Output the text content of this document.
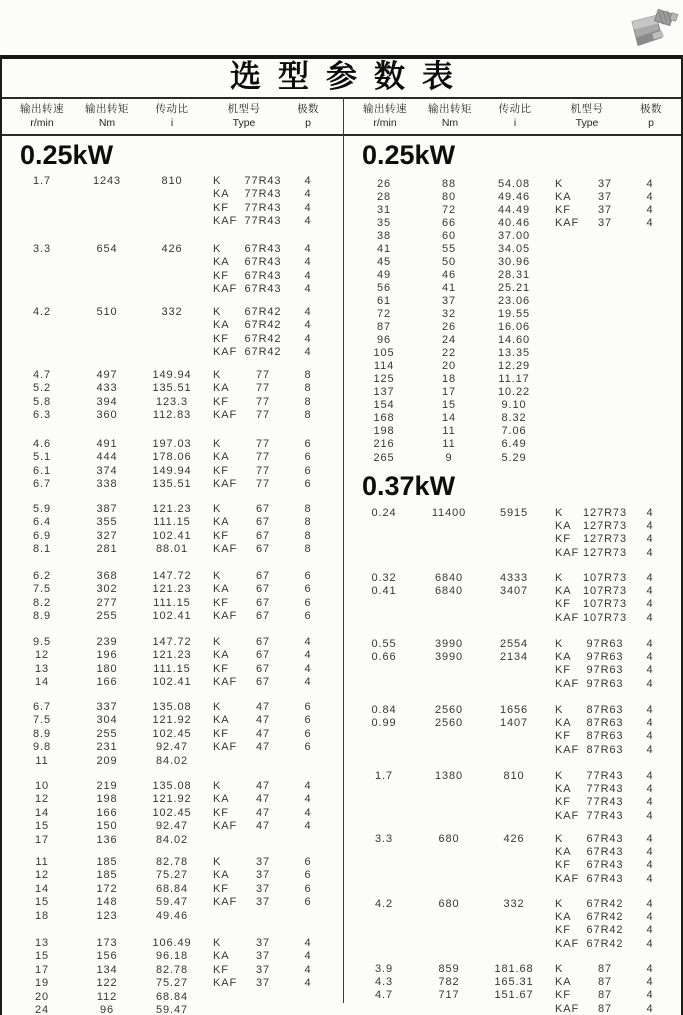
选型参数表
输出转速
r/min
输出转矩
Nm
传动比
i
机型号
Type
极数
p
输出转速
r/min
输出转矩
Nm
传动比
i
机型号
Type
极数
p
0.25kW
1.7	1243	810	K	77R43	4
KA	77R43	4
KF	77R43	4
KAF 77R43	4
3.3	654	426	K	67R43	4
KA	67R43	4
KF	67R43	4
KAF 67R43	4
4.2	510	332	K	67R42	4
KA	67R42	4
KF	67R42	4
KAF 67R42	4
4.7	497	149.94	K	77	8
5.2	433	135.51	KA	77	8
5.8	394	123.3	KF	77	8
6.3	360	112.83	KAF	77	8
4.6	491	197.03	K	77	6
5.1	444	178.06	KA	77	6
6.1	374	149.94	KF	77	6
6.7	338	135.51	KAF	77	6
5.9	387	121.23	K	67	8
6.4	355	111.15	KA	67	8
6.9	327	102.41	KF	67	8
8.1	281	88.01	KAF	67	8
6.2	368	147.72	K	67	6
7.5	302	121.23	KA	67	6
8.2	277	111.15	KF	67	6
8.9	255	102.41	KAF	67	6
9.5	239	147.72	K	67	4
12	196	121.23	KA	67	4
13	180	111.15	KF	67	4
14	166	102.41	KAF	67	4
6.7	337	135.08	K	47	6
7.5	304	121.92	KA	47	6
8.9	255	102.45	KF	47	6
9.8	231	92.47	KAF	47	6
11	209	84.02
10	219	135.08	K	47	4
12	198	121.92	KA	47	4
14	166	102.45	KF	47	4
15	150	92.47	KAF	47	4
17	136	84.02
11	185	82.78	K	37	6
12	185	75.27	KA	37	6
14	172	68.84	KF	37	6
15	148	59.47	KAF	37	6
18	123	49.46
13	173	106.49	K	37	4
15	156	96.18	KA	37	4
17	134	82.78	KF	37	4
19	122	75.27	KAF	37	4
20	112	68.84
24	96	59.47
0.25kW
26	88	54.08	K	37	4
28	80	49.46	KA	37	4
31	72	44.49	KF	37	4
35	66	40.46	KAF	37	4
38	60	37.00
41	55	34.05
45	50	30.96
49	46	28.31
56	41	25.21
61	37	23.06
72	32	19.55
87	26	16.06
96	24	14.60
105	22	13.35
114	20	12.29
125	18	11.17
137	17	10.22
154	15	9.10
168	14	8.32
198	11	7.06
216	11	6.49
265	9	5.29
0.37kW
0.24	11400	5915	K	127R73	4
KA	127R73	4
KF	127R73	4
KAF 127R73	4
0.32	6840	4333	K	107R73	4
0.41	6840	3407	KA	107R73	4
KF	107R73	4
KAF 107R73	4
0.55	3990	2554	K	97R63	4
0.66	3990	2134	KA	97R63	4
KF	97R63	4
KAF 97R63	4
0.84	2560	1656	K	87R63	4
0.99	2560	1407	KA	87R63	4
KF	87R63	4
KAF 87R63	4
1.7	1380	810	K	77R43	4
KA	77R43	4
KF	77R43	4
KAF 77R43	4
3.3	680	426	K	67R43	4
KA	67R43	4
KF	67R43	4
KAF 67R43	4
4.2	680	332	K	67R42	4
KA	67R42	4
KF	67R42	4
KAF 67R42	4
3.9	859	181.68	K	87	4
4.3	782	165.31	KA	87	4
4.7	717	151.67	KF	87	4
KAF	87	4
